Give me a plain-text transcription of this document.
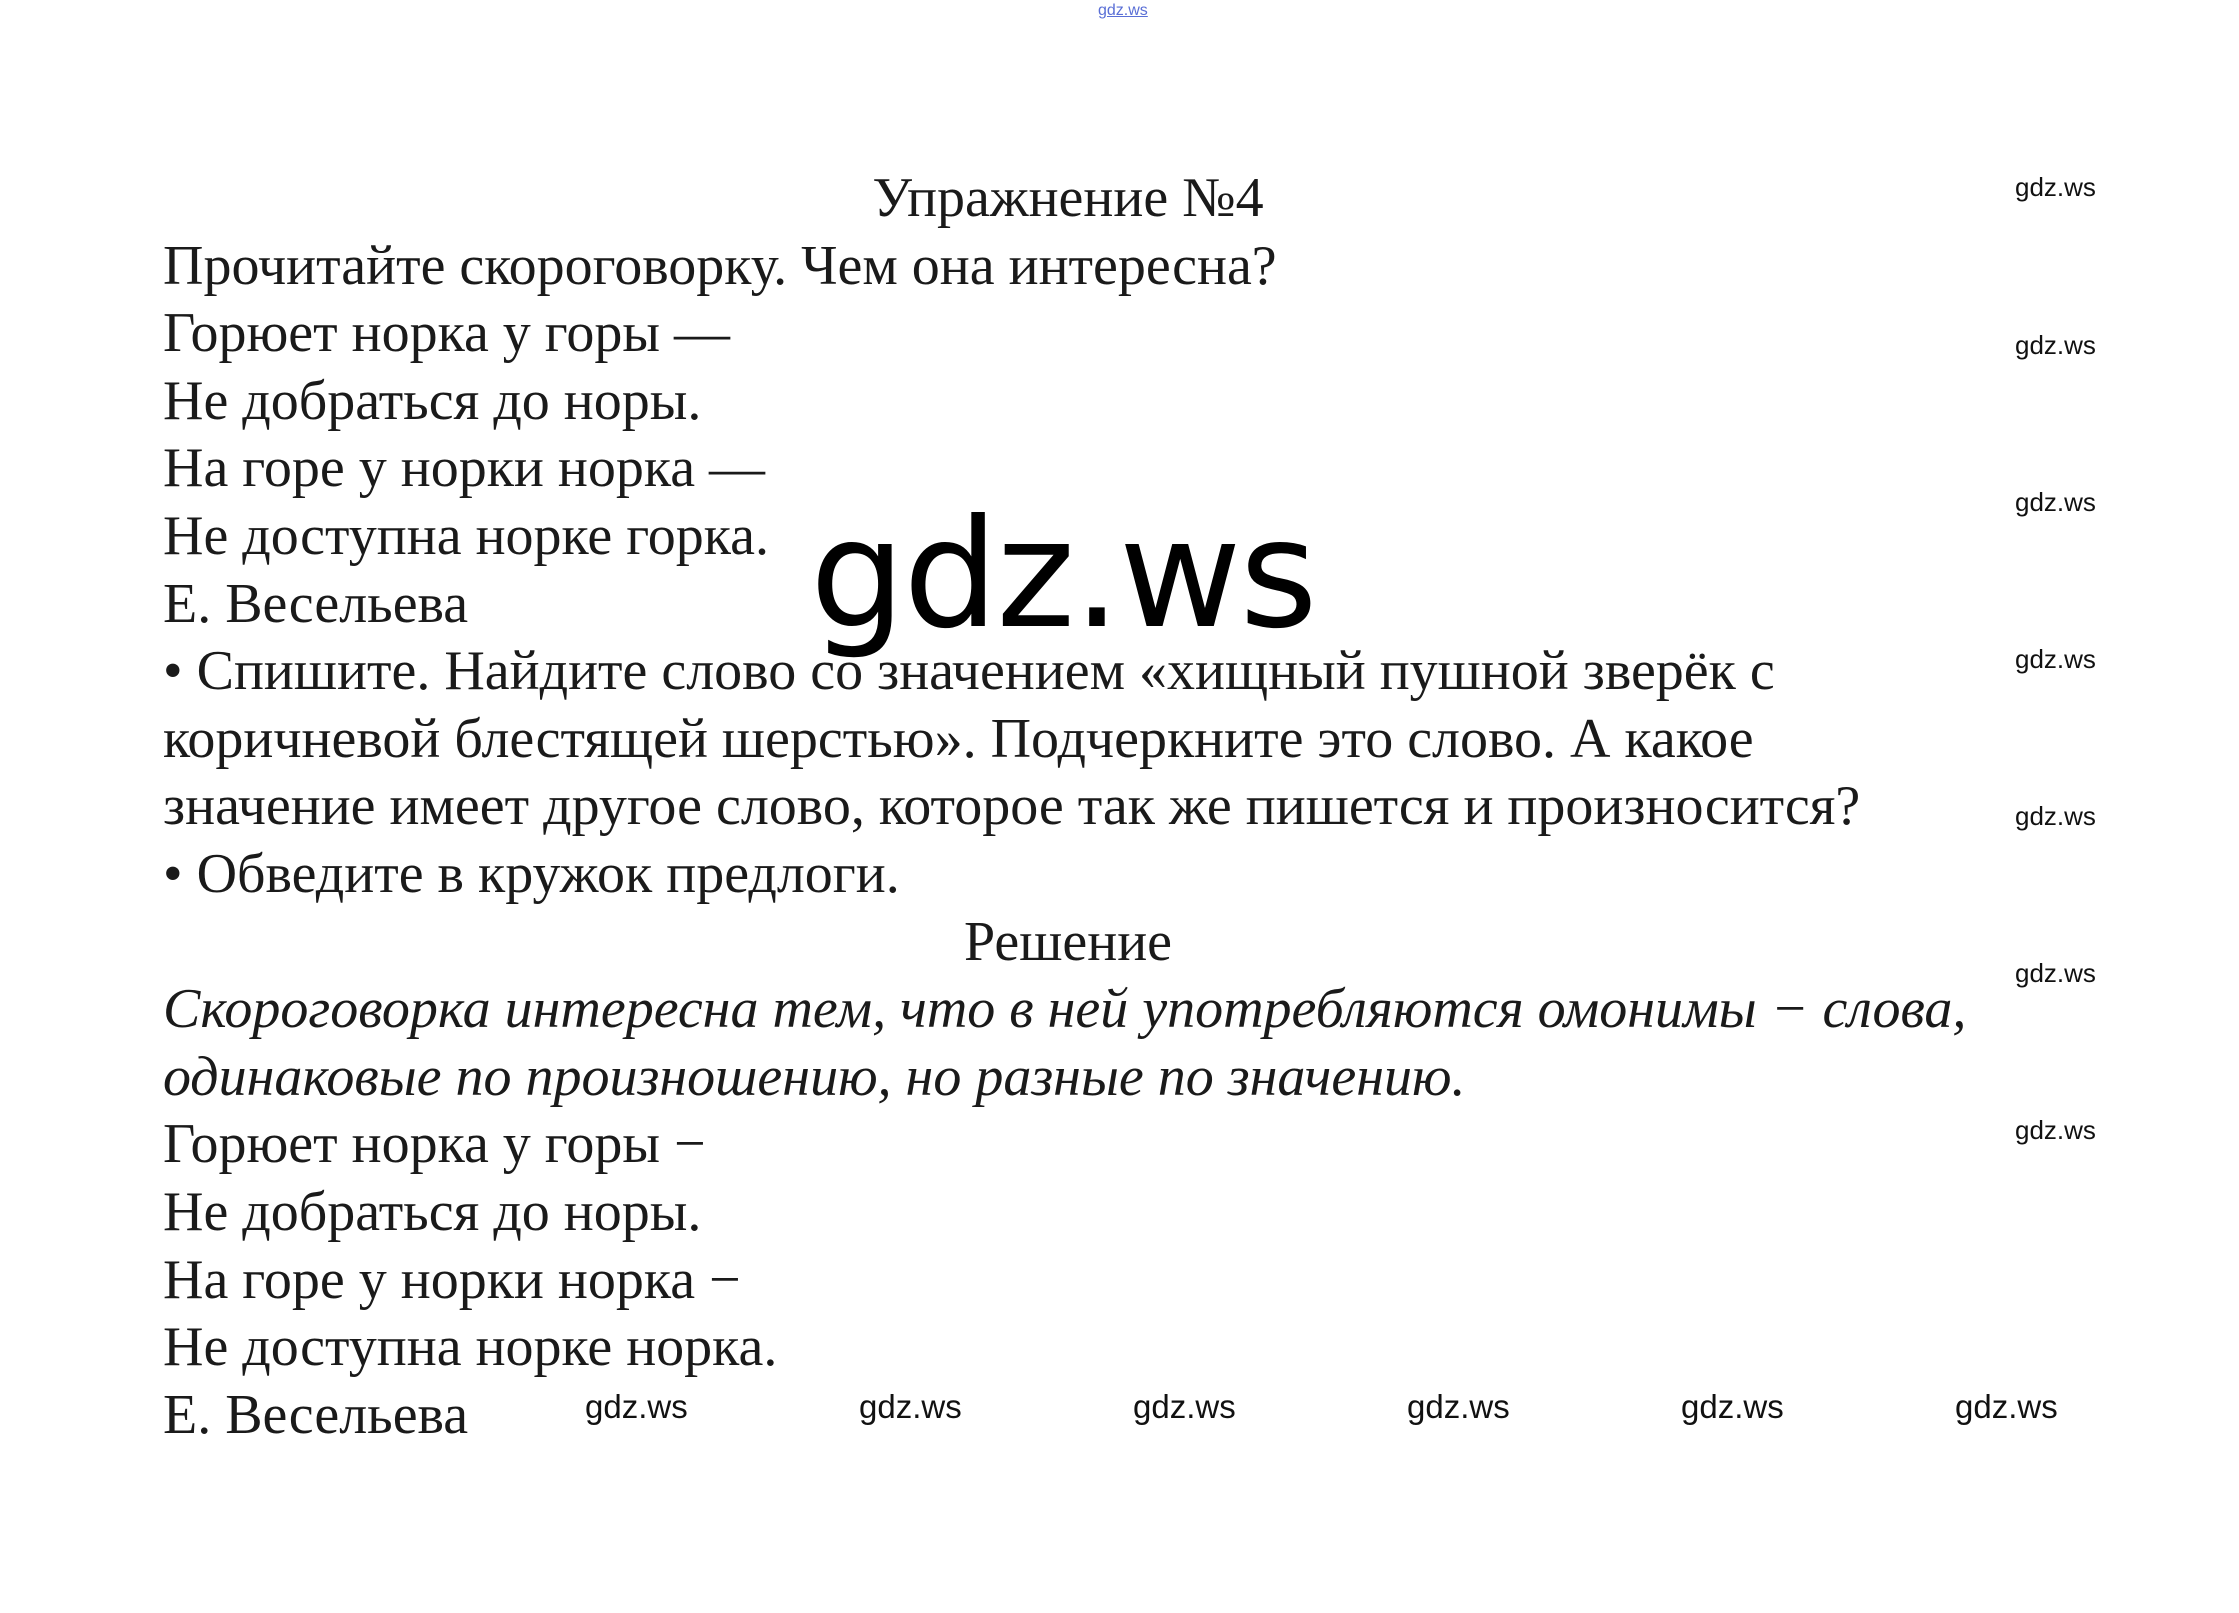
gdz.ws
Упражнение №4
Прочитайте скороговорку. Чем она интересна?
Горюет норка у горы —
Не добраться до норы.
На горе у норки норка —
Не доступна норке горка.
Е. Весельева
• Спишите. Найдите слово со значением «хищный пушной зверёк с
коричневой блестящей шерстью». Подчеркните это слово. А какое
значение имеет другое слово, которое так же пишется и произносится?
• Обведите в кружок предлоги.
Решение
Скороговорка интересна тем, что в ней употребляются омонимы − слова,
одинаковые по произношению, но разные по значению.
Горюет норка у горы −
Не добраться до норы.
На горе у норки норка −
Не доступна норке норка.
Е. Весельева
gdz.ws
gdz.ws
gdz.ws
gdz.ws
gdz.ws
gdz.ws
gdz.ws
gdz.ws
gdz.ws	gdz.ws	gdz.ws	gdz.ws	gdz.ws	gdz.ws
